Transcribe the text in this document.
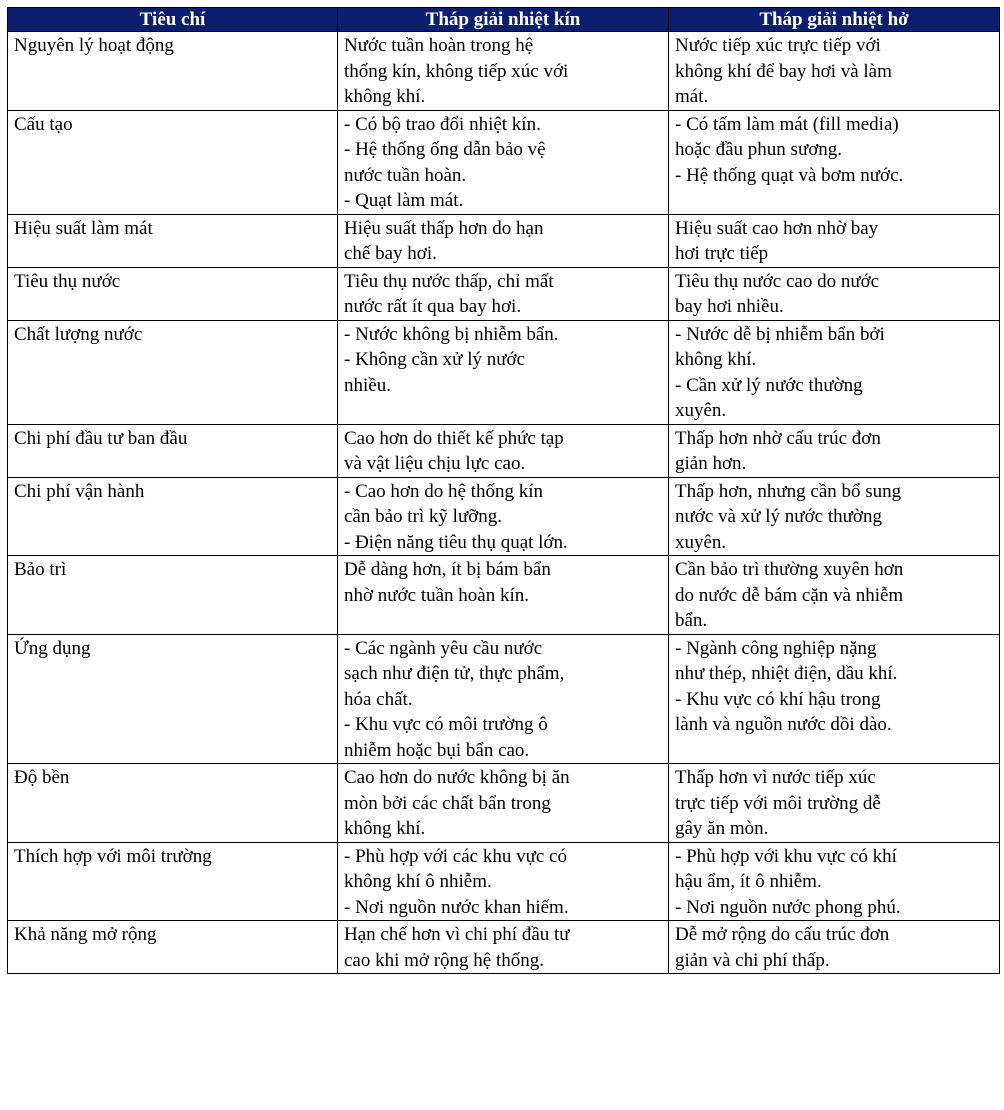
Tiêu chí	Tháp giải nhiệt kín	Tháp giải nhiệt hở

Nguyên lý hoạt động	Nước tuần hoàn trong hệ
thống kín, không tiếp xúc với
không khí.	Nước tiếp xúc trực tiếp với
không khí để bay hơi và làm
mát.

Cấu tạo	- Có bộ trao đổi nhiệt kín.
- Hệ thống ống dẫn bảo vệ
nước tuần hoàn.
- Quạt làm mát.	- Có tấm làm mát (fill media)
hoặc đầu phun sương.
- Hệ thống quạt và bơm nước.

Hiệu suất làm mát	Hiệu suất thấp hơn do hạn
chế bay hơi.	Hiệu suất cao hơn nhờ bay
hơi trực tiếp

Tiêu thụ nước	Tiêu thụ nước thấp, chỉ mất
nước rất ít qua bay hơi.	Tiêu thụ nước cao do nước
bay hơi nhiều.

Chất lượng nước	- Nước không bị nhiễm bẩn.
- Không cần xử lý nước
nhiều.	- Nước dễ bị nhiễm bẩn bởi
không khí.
- Cần xử lý nước thường
xuyên.

Chi phí đầu tư ban đầu	Cao hơn do thiết kế phức tạp
và vật liệu chịu lực cao.	Thấp hơn nhờ cấu trúc đơn
giản hơn.

Chi phí vận hành	- Cao hơn do hệ thống kín
cần bảo trì kỹ lưỡng.
- Điện năng tiêu thụ quạt lớn.	Thấp hơn, nhưng cần bổ sung
nước và xử lý nước thường
xuyên.

Bảo trì	Dễ dàng hơn, ít bị bám bẩn
nhờ nước tuần hoàn kín.	Cần bảo trì thường xuyên hơn
do nước dễ bám cặn và nhiễm
bẩn.

Ứng dụng	- Các ngành yêu cầu nước
sạch như điện tử, thực phẩm,
hóa chất.
- Khu vực có môi trường ô
nhiễm hoặc bụi bẩn cao.	- Ngành công nghiệp nặng
như thép, nhiệt điện, dầu khí.
- Khu vực có khí hậu trong
lành và nguồn nước dồi dào.

Độ bền	Cao hơn do nước không bị ăn
mòn bởi các chất bẩn trong
không khí.	Thấp hơn vì nước tiếp xúc
trực tiếp với môi trường dễ
gây ăn mòn.

Thích hợp với môi trường	- Phù hợp với các khu vực có
không khí ô nhiễm.
- Nơi nguồn nước khan hiếm.	- Phù hợp với khu vực có khí
hậu ẩm, ít ô nhiễm.
- Nơi nguồn nước phong phú.

Khả năng mở rộng	Hạn chế hơn vì chi phí đầu tư
cao khi mở rộng hệ thống.	Dễ mở rộng do cấu trúc đơn
giản và chi phí thấp.
